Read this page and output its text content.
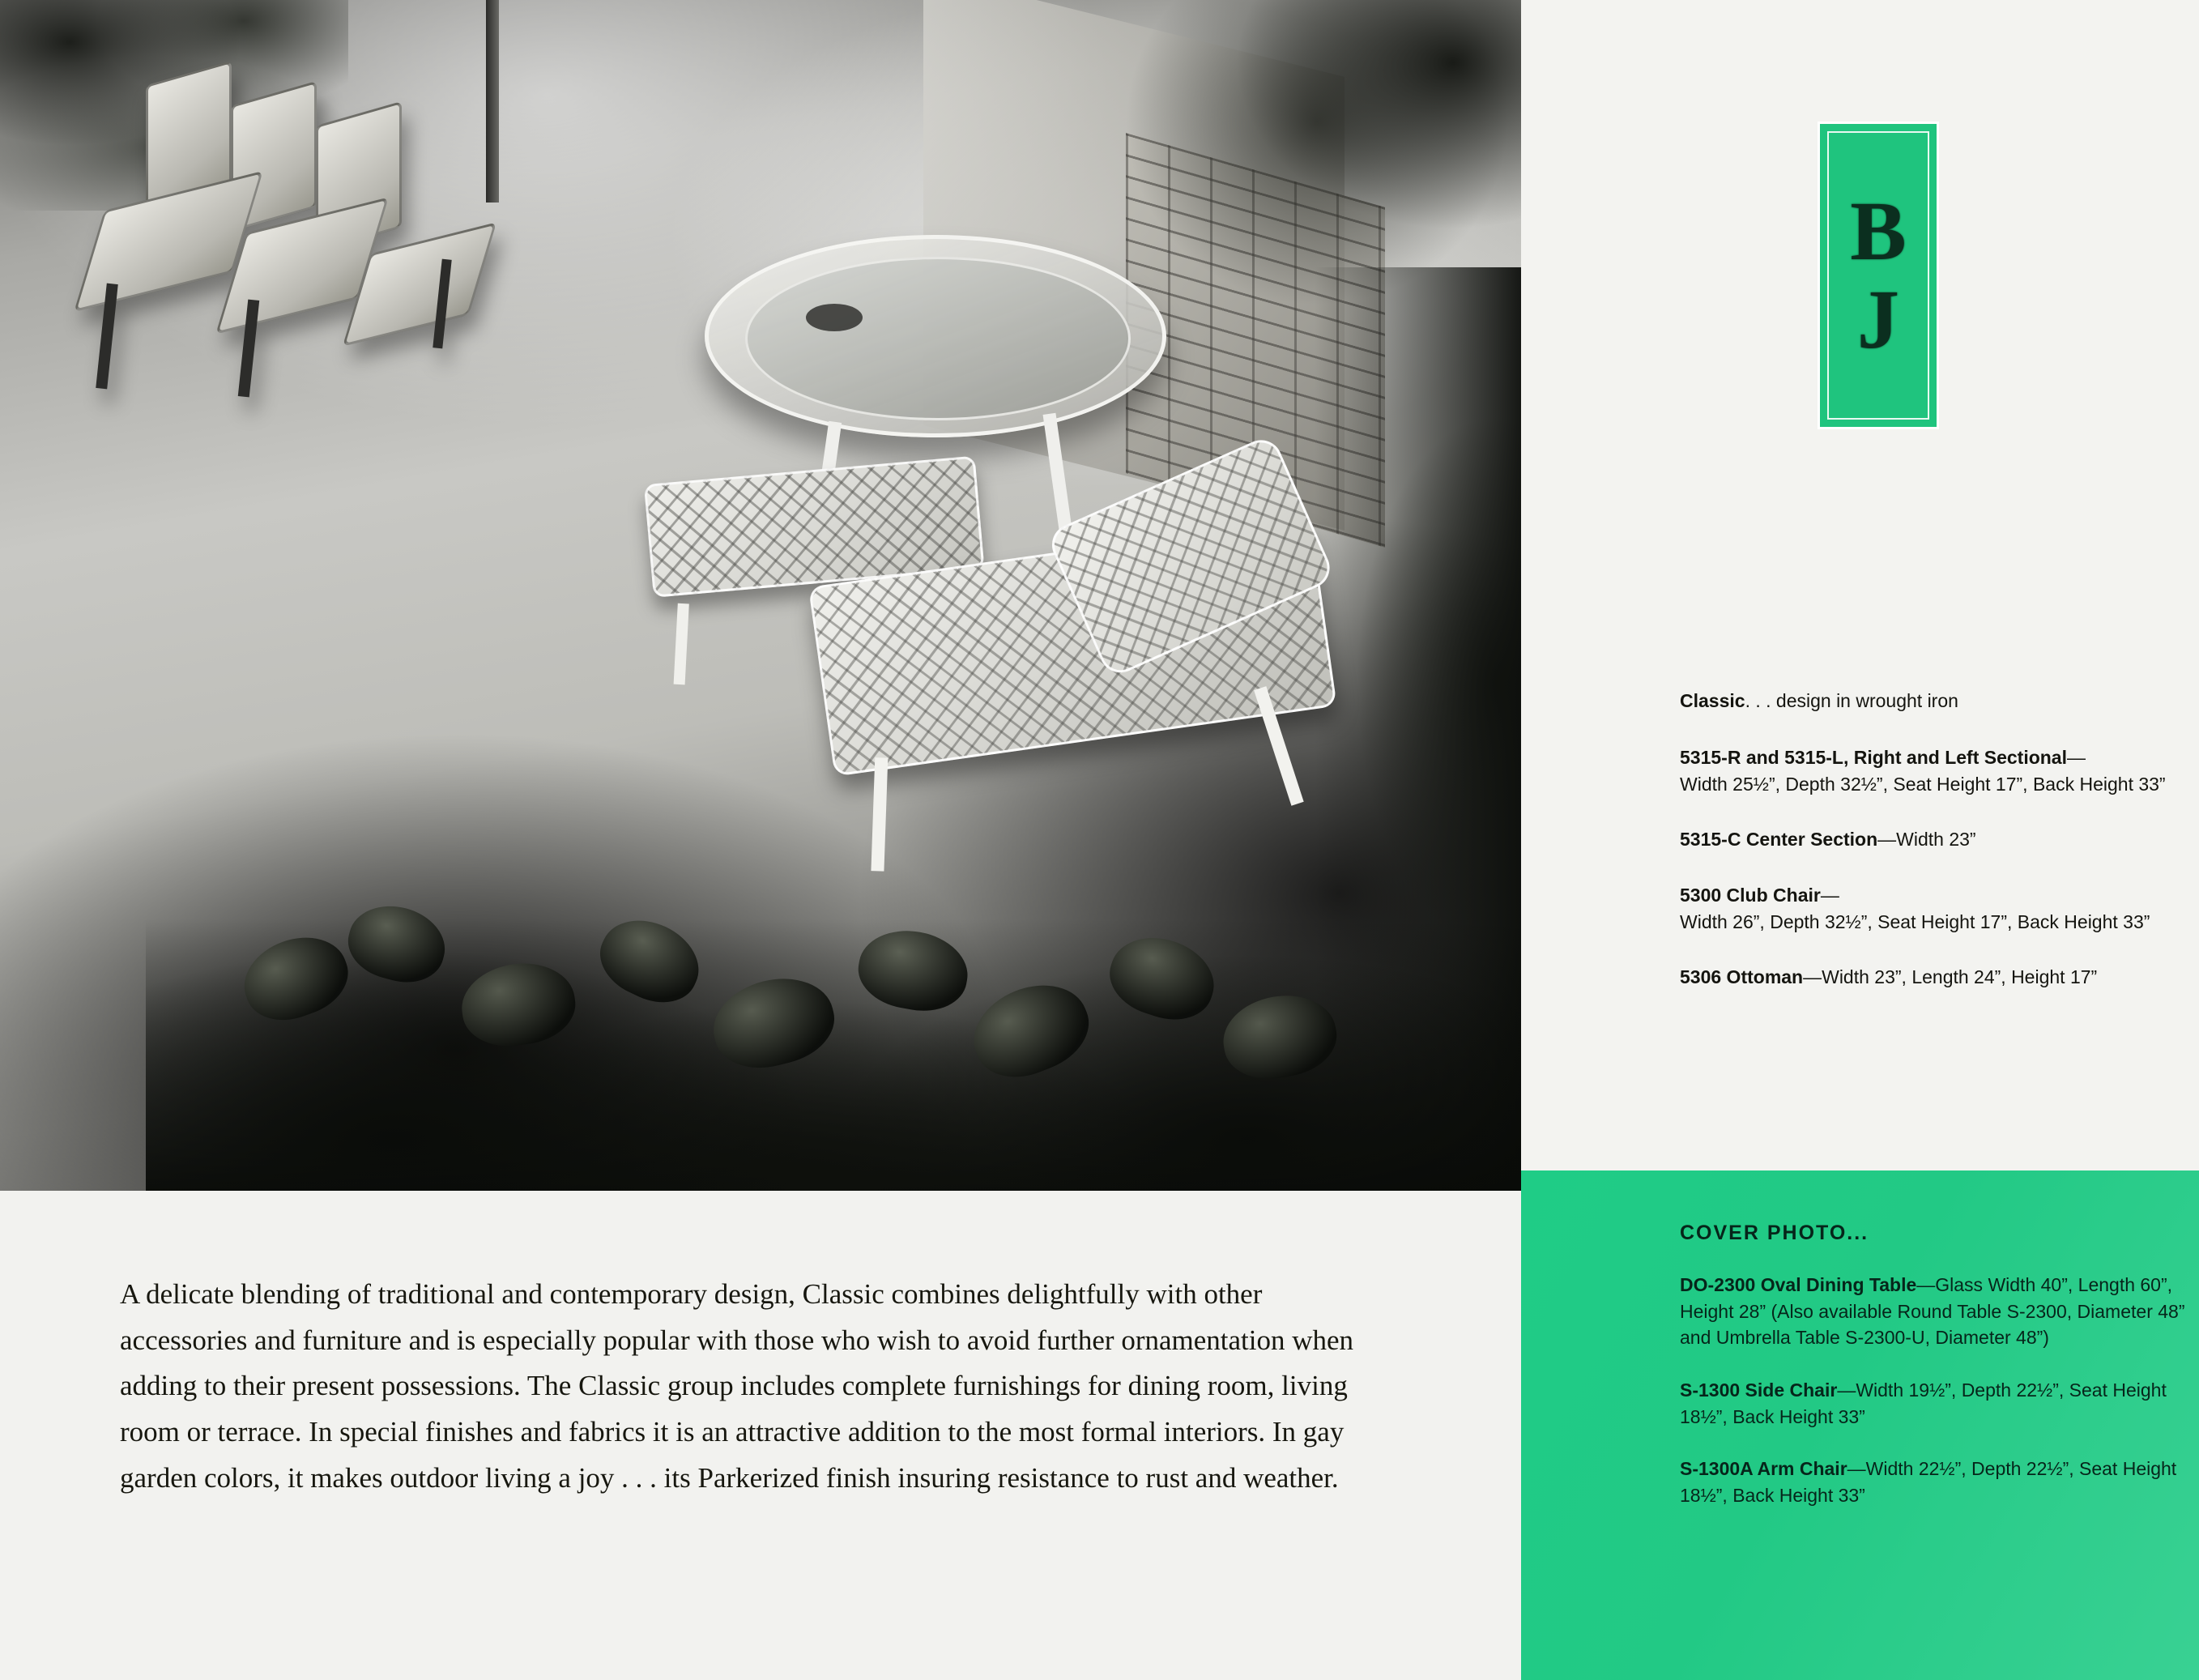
B
J

Classic. . . design in wrought iron

5315-R and 5315-L, Right and Left Sectional—
Width 25½”, Depth 32½”, Seat Height 17”, Back Height 33”

5315-C Center Section—Width 23”

5300 Club Chair—
Width 26”, Depth 32½”, Seat Height 17”, Back Height 33”

5306 Ottoman—Width 23”, Length 24”, Height 17”

A delicate blending of traditional and contemporary design, Classic combines delightfully with other accessories and furniture and is especially popular with those who wish to avoid further ornamentation when adding to their present possessions. The Classic group includes complete furnishings for dining room, living room or terrace. In special finishes and fabrics it is an attractive addition to the most formal interiors. In gay garden colors, it makes outdoor living a joy . . . its Parkerized finish insuring resistance to rust and weather.

COVER PHOTO...

DO-2300 Oval Dining Table—Glass Width 40”, Length 60”, Height 28” (Also available Round Table S-2300, Diameter 48” and Umbrella Table S-2300-U, Diameter 48”)

S-1300 Side Chair—Width 19½”, Depth 22½”, Seat Height 18½”, Back Height 33”

S-1300A Arm Chair—Width 22½”, Depth 22½”, Seat Height 18½”, Back Height 33”
